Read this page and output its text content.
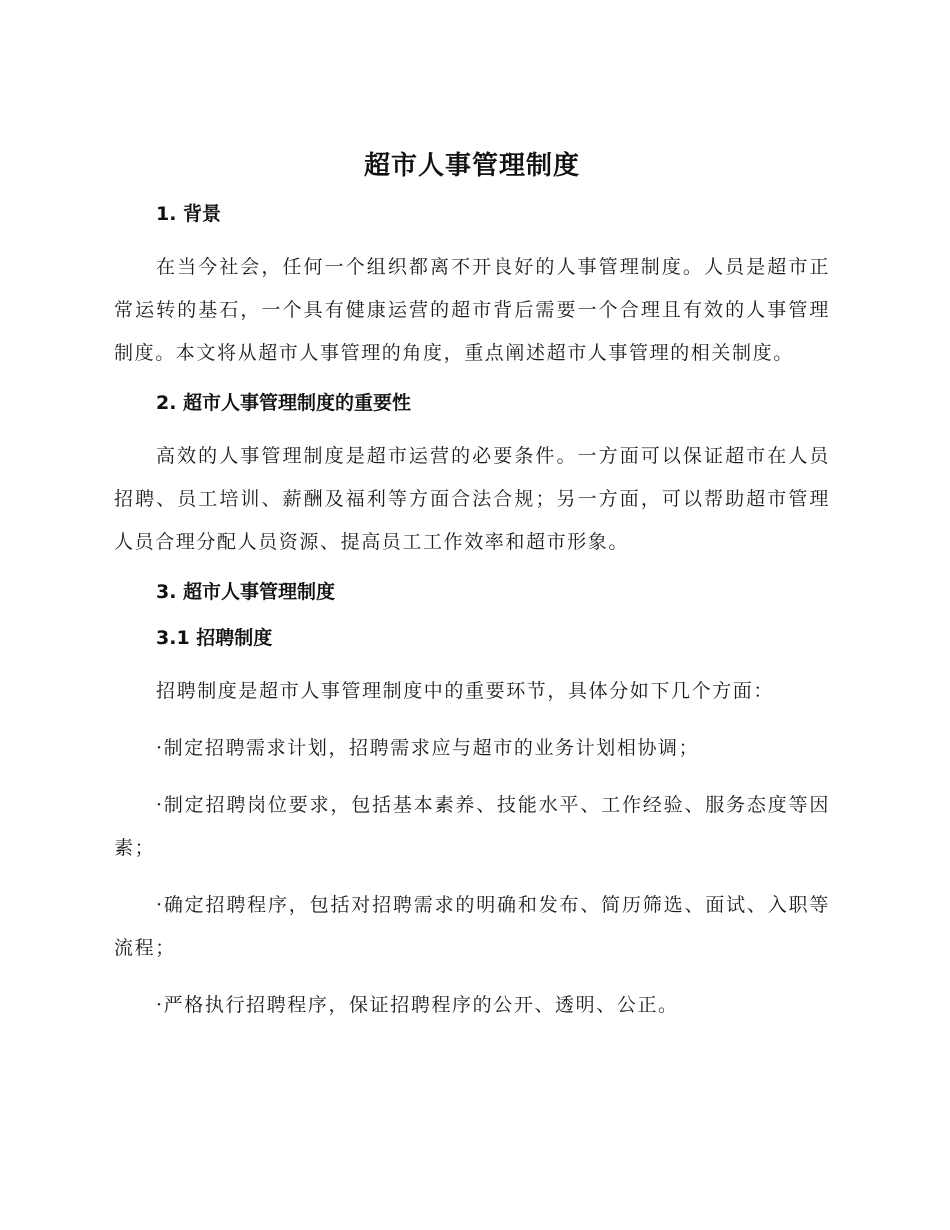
超市人事管理制度
1. 背景

在当今社会，任何一个组织都离不开良好的人事管理制度。人员是超市正常运转的基石，一个具有健康运营的超市背后需要一个合理且有效的人事管理制度。本文将从超市人事管理的角度，重点阐述超市人事管理的相关制度。

2. 超市人事管理制度的重要性

高效的人事管理制度是超市运营的必要条件。一方面可以保证超市在人员招聘、员工培训、薪酬及福利等方面合法合规；另一方面，可以帮助超市管理人员合理分配人员资源、提高员工工作效率和超市形象。

3. 超市人事管理制度
3.1 招聘制度

招聘制度是超市人事管理制度中的重要环节，具体分如下几个方面：

·制定招聘需求计划，招聘需求应与超市的业务计划相协调；

·制定招聘岗位要求，包括基本素养、技能水平、工作经验、服务态度等因素；

·确定招聘程序，包括对招聘需求的明确和发布、简历筛选、面试、入职等流程；

·严格执行招聘程序，保证招聘程序的公开、透明、公正。
